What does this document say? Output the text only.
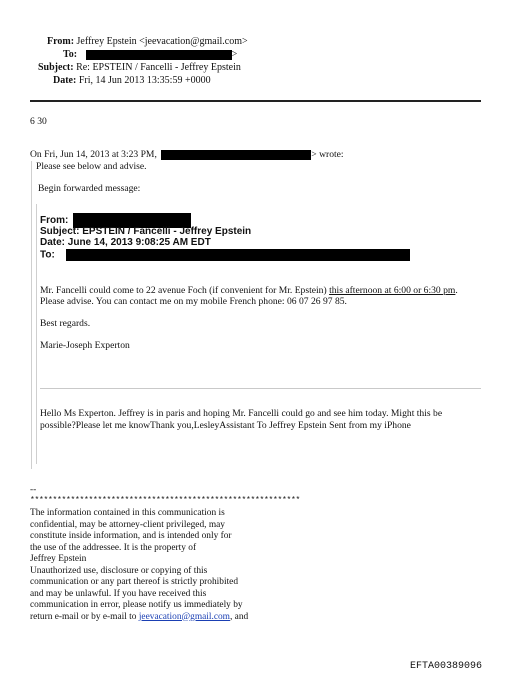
From: Jeffrey Epstein <jeevacation@gmail.com>
To:	>
Subject: Re: EPSTEIN / Fancelli - Jeffrey Epstein
Date: Fri, 14 Jun 2013 13:35:59 +0000
6 30
On Fri, Jun 14, 2013 at 3:23 PM,	> wrote:
Please see below and advise.
Begin forwarded message:
From:
Subject: EPSTEIN / Fancelli - Jeffrey Epstein
Date: June 14, 2013 9:08:25 AM EDT
To:
Mr. Fancelli could come to 22 avenue Foch (if convenient for Mr. Epstein) this afternoon at 6:00 or 6:30 pm.
Please advise. You can contact me on my mobile French phone: 06 07 26 97 85.
Best regards.
Marie-Joseph Experton
Hello Ms Experton. Jeffrey is in paris and hoping Mr. Fancelli could go and see him today. Might this be
possible?Please let me knowThank you,LesleyAssistant To Jeffrey Epstein Sent from my iPhone
--
************************************************************
The information contained in this communication is
confidential, may be attorney-client privileged, may
constitute inside information, and is intended only for
the use of the addressee. It is the property of
Jeffrey Epstein
Unauthorized use, disclosure or copying of this
communication or any part thereof is strictly prohibited
and may be unlawful. If you have received this
communication in error, please notify us immediately by
return e-mail or by e-mail to jeevacation@gmail.com, and
EFTA00389096
